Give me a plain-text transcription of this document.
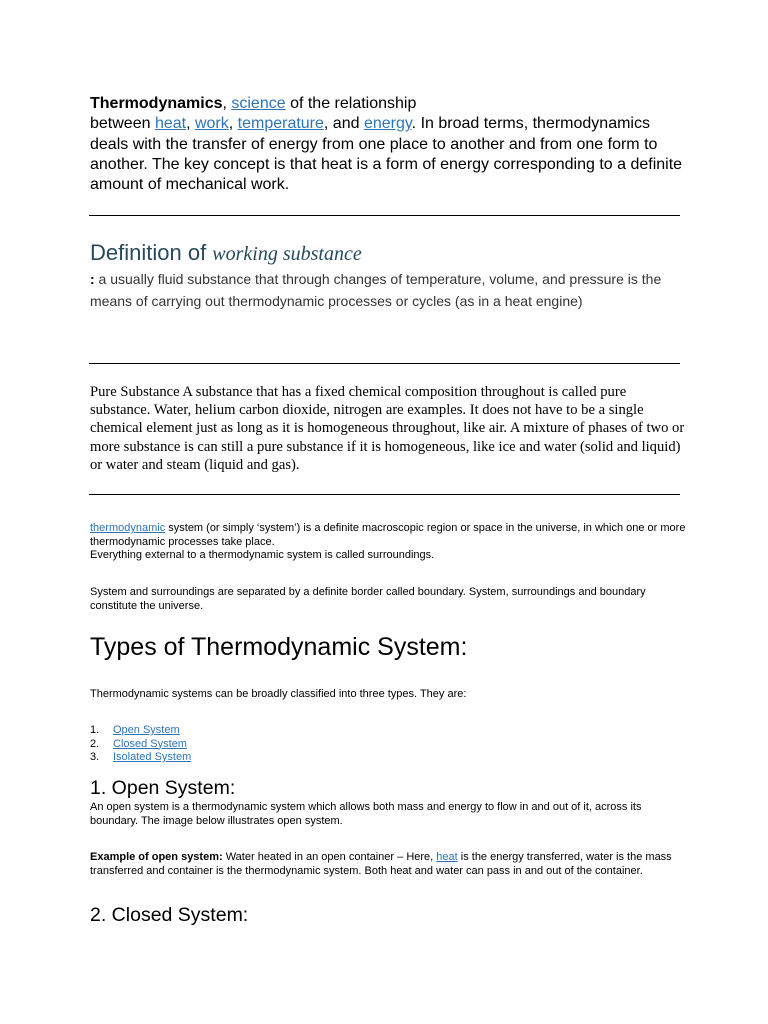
Thermodynamics, science of the relationship
between heat, work, temperature, and energy. In broad terms, thermodynamics deals with the transfer of energy from one place to another and from one form to another. The key concept is that heat is a form of energy corresponding to a definite amount of mechanical work.
Definition of working substance
: a usually fluid substance that through changes of temperature, volume, and pressure is the means of carrying out thermodynamic processes or cycles (as in a heat engine)
Pure Substance A substance that has a fixed chemical composition throughout is called pure substance. Water, helium carbon dioxide, nitrogen are examples. It does not have to be a single chemical element just as long as it is homogeneous throughout, like air. A mixture of phases of two or more substance is can still a pure substance if it is homogeneous, like ice and water (solid and liquid) or water and steam (liquid and gas).
thermodynamic system (or simply ‘system’) is a definite macroscopic region or space in the universe, in which one or more thermodynamic processes take place.
Everything external to a thermodynamic system is called surroundings.
System and surroundings are separated by a definite border called boundary. System, surroundings and boundary constitute the universe.
Types of Thermodynamic System:
Thermodynamic systems can be broadly classified into three types. They are:
1. Open System
2. Closed System
3. Isolated System
1. Open System:
An open system is a thermodynamic system which allows both mass and energy to flow in and out of it, across its boundary. The image below illustrates open system.
Example of open system: Water heated in an open container – Here, heat is the energy transferred, water is the mass transferred and container is the thermodynamic system. Both heat and water can pass in and out of the container.
2. Closed System:
